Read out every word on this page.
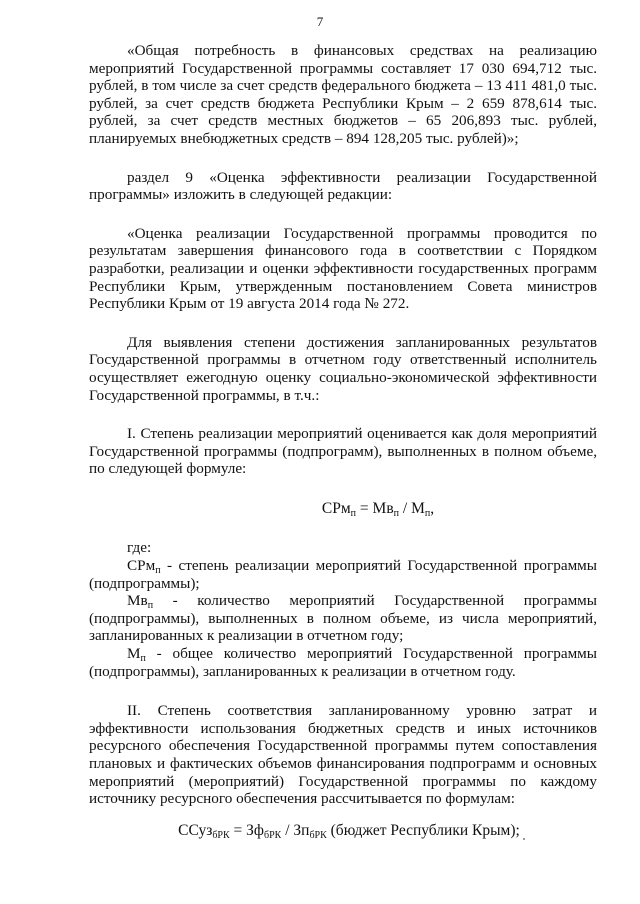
7

«Общая потребность в финансовых средствах на реализацию мероприятий Государственной программы составляет 17 030 694,712 тыс. рублей, в том числе за счет средств федерального бюджета – 13 411 481,0 тыс. рублей, за счет средств бюджета Республики Крым – 2 659 878,614 тыс. рублей, за счет средств местных бюджетов – 65 206,893 тыс. рублей, планируемых внебюджетных средств – 894 128,205 тыс. рублей)»;

раздел 9 «Оценка эффективности реализации Государственной программы» изложить в следующей редакции:

«Оценка реализации Государственной программы проводится по результатам завершения финансового года в соответствии с Порядком разработки, реализации и оценки эффективности государственных программ Республики Крым, утвержденным постановлением Совета министров Республики Крым от 19 августа 2014 года № 272.

Для выявления степени достижения запланированных результатов Государственной программы в отчетном году ответственный исполнитель осуществляет ежегодную оценку социально-экономической эффективности Государственной программы, в т.ч.:

I. Степень реализации мероприятий оценивается как доля мероприятий Государственной программы (подпрограмм), выполненных в полном объеме, по следующей формуле:

$СРм_п = Мв_п / М_п$,

где:

СРм$_п$ - степень реализации мероприятий Государственной программы (подпрограммы);

$Мв_п$ - количество мероприятий Государственной программы (подпрограммы), выполненных в полном объеме, из числа мероприятий, запланированных к реализации в отчетном году;

$М_п$ - общее количество мероприятий Государственной программы (подпрограммы), запланированных к реализации в отчетном году.

II. Степень соответствия запланированному уровню затрат и эффективности использования бюджетных средств и иных источников ресурсного обеспечения Государственной программы путем сопоставления плановых и фактических объемов финансирования подпрограмм и основных мероприятий (мероприятий) Государственной программы по каждому источнику ресурсного обеспечения рассчитывается по формулам:

ССуз$_{бРК}$ = $Зф_{бРК} / Зп_{бРК}$ (бюджет Республики Крым);
